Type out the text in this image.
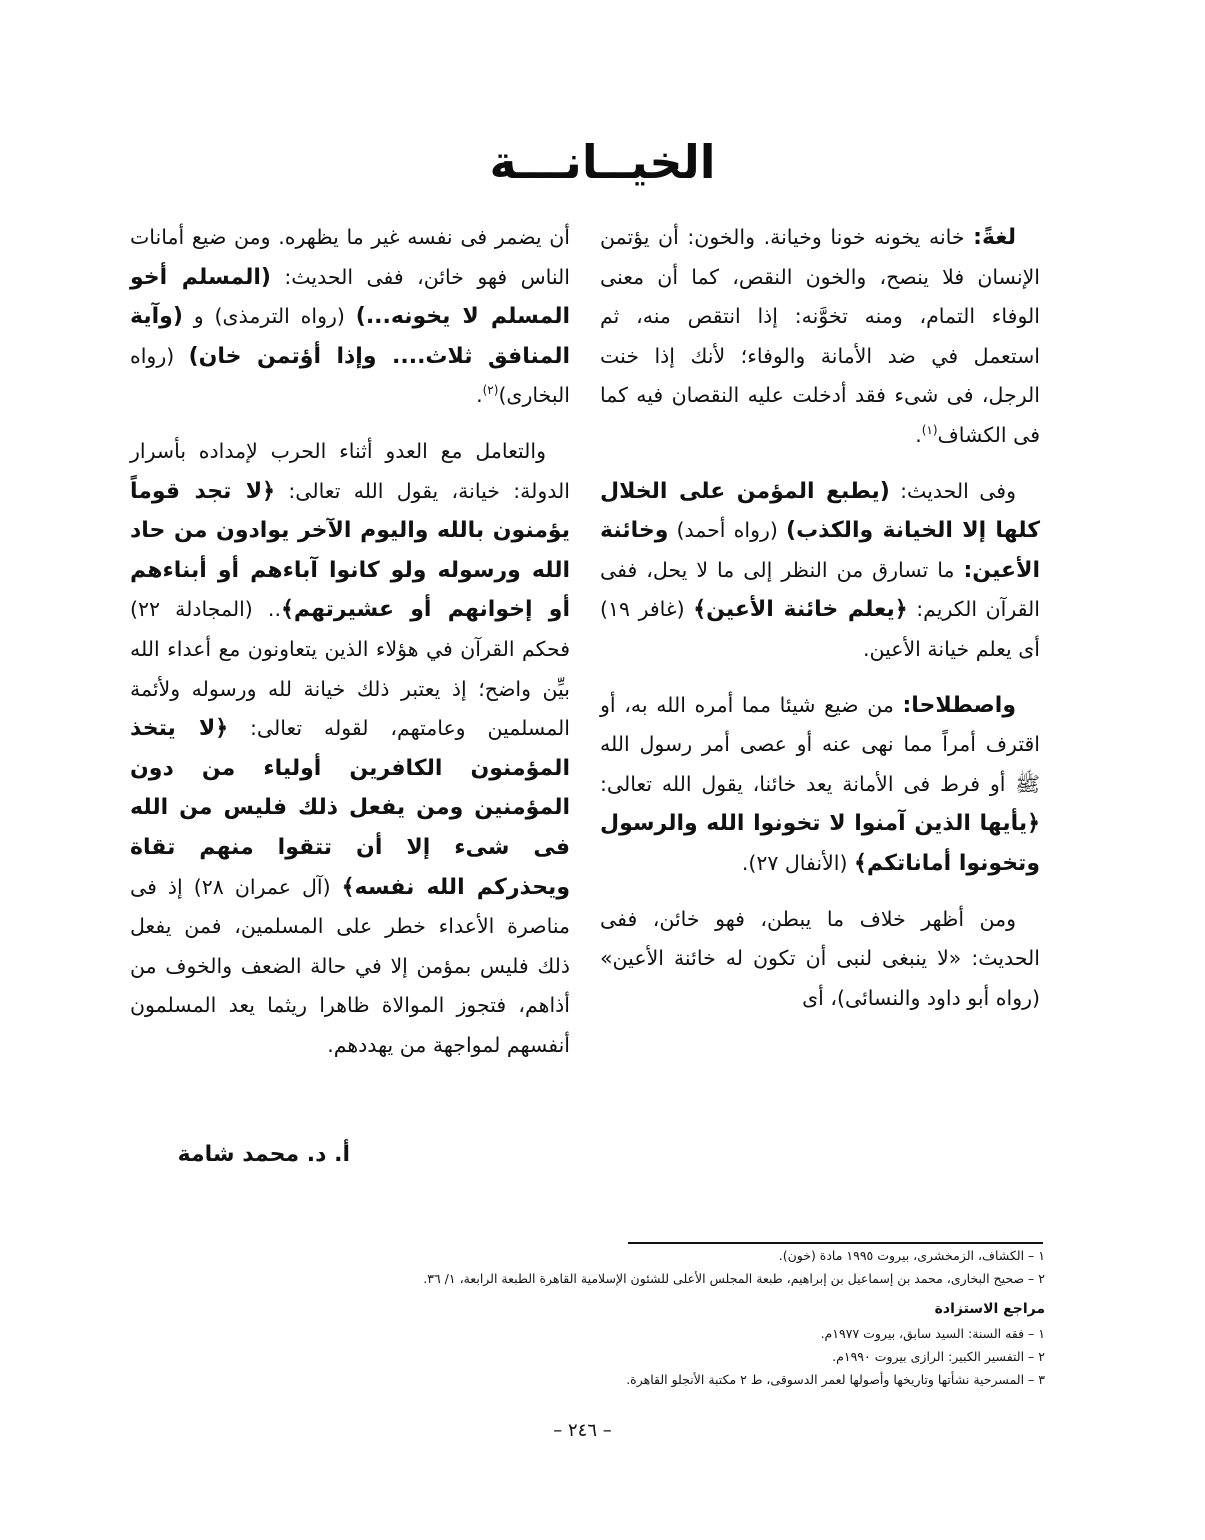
الخيــانـــة

لغةً: خانه يخونه خونا وخيانة. والخون: أن يؤتمن الإنسان فلا ينصح، والخون النقص، كما أن معنى الوفاء التمام، ومنه تخوَّنه: إذا انتقص منه، ثم استعمل في ضد الأمانة والوفاء؛ لأنك إذا خنت الرجل، فى شىء فقد أدخلت عليه النقصان فيه كما فى الكشاف$^{(١)}$.

وفى الحديث: (يطبع المؤمن على الخلال كلها إلا الخيانة والكذب) (رواه أحمد) وخائنة الأعين: ما تسارق من النظر إلى ما لا يحل، ففى القرآن الكريم: ﴿يعلم خائنة الأعين﴾ (غافر ١٩) أى يعلم خيانة الأعين.

واصطلاحا: من ضيع شيئا مما أمره الله به، أو اقترف أمراً مما نهى عنه أو عصى أمر رسول الله ﷺ أو فرط فى الأمانة يعد خائنا، يقول الله تعالى: ﴿يأيها الذين آمنوا لا تخونوا الله والرسول وتخونوا أماناتكم﴾ (الأنفال ٢٧).

ومن أظهر خلاف ما يبطن، فهو خائن، ففى الحديث: «لا ينبغى لنبى أن تكون له خائنة الأعين» (رواه أبو داود والنسائى)، أى

أن يضمر فى نفسه غير ما يظهره. ومن ضيع أمانات الناس فهو خائن، ففى الحديث: (المسلم أخو المسلم لا يخونه...) (رواه الترمذى) و (وآية المنافق ثلاث.... وإذا أؤتمن خان) (رواه البخارى)$^{(٢)}$.

والتعامل مع العدو أثناء الحرب لإمداده بأسرار الدولة: خيانة، يقول الله تعالى: ﴿لا تجد قوماً يؤمنون بالله واليوم الآخر يوادون من حاد الله ورسوله ولو كانوا آباءهم أو أبناءهم أو إخوانهم أو عشيرتهم﴾.. (المجادلة ٢٢) فحكم القرآن في هؤلاء الذين يتعاونون مع أعداء الله بيِّن واضح؛ إذ يعتبر ذلك خيانة لله ورسوله ولأئمة المسلمين وعامتهم، لقوله تعالى: ﴿لا يتخذ المؤمنون الكافرين أولياء من دون المؤمنين ومن يفعل ذلك فليس من الله فى شىء إلا أن تتقوا منهم تقاة ويحذركم الله نفسه﴾ (آل عمران ٢٨) إذ فى مناصرة الأعداء خطر على المسلمين، فمن يفعل ذلك فليس بمؤمن إلا في حالة الضعف والخوف من أذاهم، فتجوز الموالاة ظاهرا ريثما يعد المسلمون أنفسهم لمواجهة من يهددهم.

أ. د. محمد شامة
١ – الكشاف، الزمخشرى، بيروت ١٩٩٥ مادة (خون).
٢ – صحيح البخارى، محمد بن إسماعيل بن إبراهيم، طبعة المجلس الأعلى للشئون الإسلامية القاهرة الطبعة الرابعة، ١/ ٣٦.
مراجع الاستزادة
١ – فقه السنة: السيد سابق، بيروت ١٩٧٧م.
٢ – التفسير الكبير: الرازى بيروت ١٩٩٠م.
٣ – المسرحية نشأتها وتاريخها وأصولها لعمر الدسوقى، ط ٢ مكتبة الأنجلو القاهرة.
– ٢٤٦ –
